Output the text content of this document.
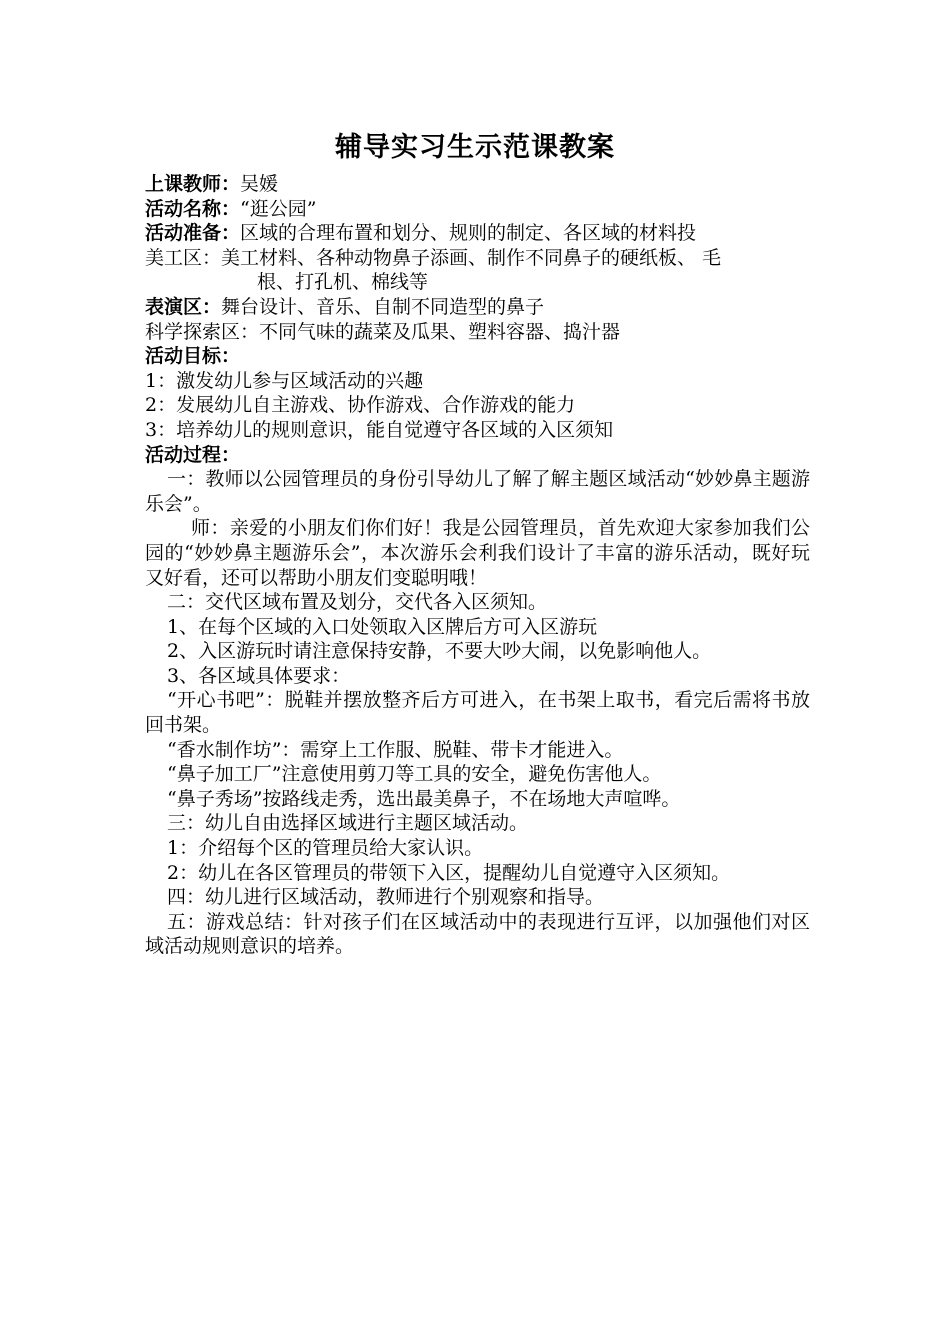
辅导实习生示范课教案
上课教师：吴媛
活动名称：“逛公园”
活动准备：区域的合理布置和划分、规则的制定、各区域的材料投
美工区：美工材料、各种动物鼻子添画、制作不同鼻子的硬纸板、 毛
根、打孔机、棉线等
表演区：舞台设计、音乐、自制不同造型的鼻子
科学探索区：不同气味的蔬菜及瓜果、塑料容器、捣汁器
活动目标：
1：激发幼儿参与区域活动的兴趣
2：发展幼儿自主游戏、协作游戏、合作游戏的能力
3：培养幼儿的规则意识，能自觉遵守各区域的入区须知
活动过程：
一：教师以公园管理员的身份引导幼儿了解了解主题区域活动“妙妙鼻主题游乐会”。
师：亲爱的小朋友们你们好！我是公园管理员，首先欢迎大家参加我们公园的“妙妙鼻主题游乐会”，本次游乐会利我们设计了丰富的游乐活动，既好玩又好看，还可以帮助小朋友们变聪明哦！
二：交代区域布置及划分，交代各入区须知。
1、在每个区域的入口处领取入区牌后方可入区游玩
2、入区游玩时请注意保持安静，不要大吵大闹，以免影响他人。
3、各区域具体要求：
“开心书吧”：脱鞋并摆放整齐后方可进入，在书架上取书，看完后需将书放回书架。
“香水制作坊”：需穿上工作服、脱鞋、带卡才能进入。
“鼻子加工厂”注意使用剪刀等工具的安全，避免伤害他人。
“鼻子秀场”按路线走秀，选出最美鼻子，不在场地大声喧哗。
三：幼儿自由选择区域进行主题区域活动。
1：介绍每个区的管理员给大家认识。
2：幼儿在各区管理员的带领下入区，提醒幼儿自觉遵守入区须知。
四：幼儿进行区域活动，教师进行个别观察和指导。
五：游戏总结：针对孩子们在区域活动中的表现进行互评，以加强他们对区域活动规则意识的培养。
